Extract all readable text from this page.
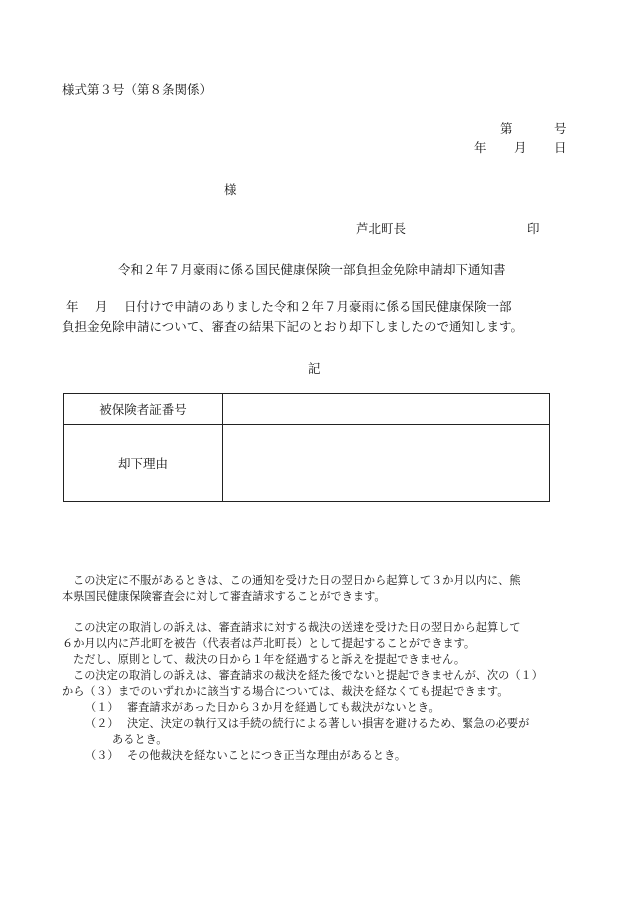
様式第３号（第８条関係）
第	号
年 月 日
様
芦北町長	印
令和２年７月豪雨に係る国民健康保険一部負担金免除申請却下通知書
年　 月　 日付けで申請のありました令和２年７月豪雨に係る国民健康保険一部
負担金免除申請について、審査の結果下記のとおり却下しましたので通知します。
記
被保険者証番号	
却下理由	
この決定に不服があるときは、この通知を受けた日の翌日から起算して３か月以内に、熊
本県国民健康保険審査会に対して審査請求することができます。
この決定の取消しの訴えは、審査請求に対する裁決の送達を受けた日の翌日から起算して
６か月以内に芦北町を被告（代表者は芦北町長）として提起することができます。
ただし、原則として、裁決の日から１年を経過すると訴えを提起できません。
この決定の取消しの訴えは、審査請求の裁決を経た後でないと提起できませんが、次の（１）
から（３）までのいずれかに該当する場合については、裁決を経なくても提起できます。
（１） 審査請求があった日から３か月を経過しても裁決がないとき。
（２） 決定、決定の執行又は手続の続行による著しい損害を避けるため、緊急の必要が
あるとき。
（３） その他裁決を経ないことにつき正当な理由があるとき。
